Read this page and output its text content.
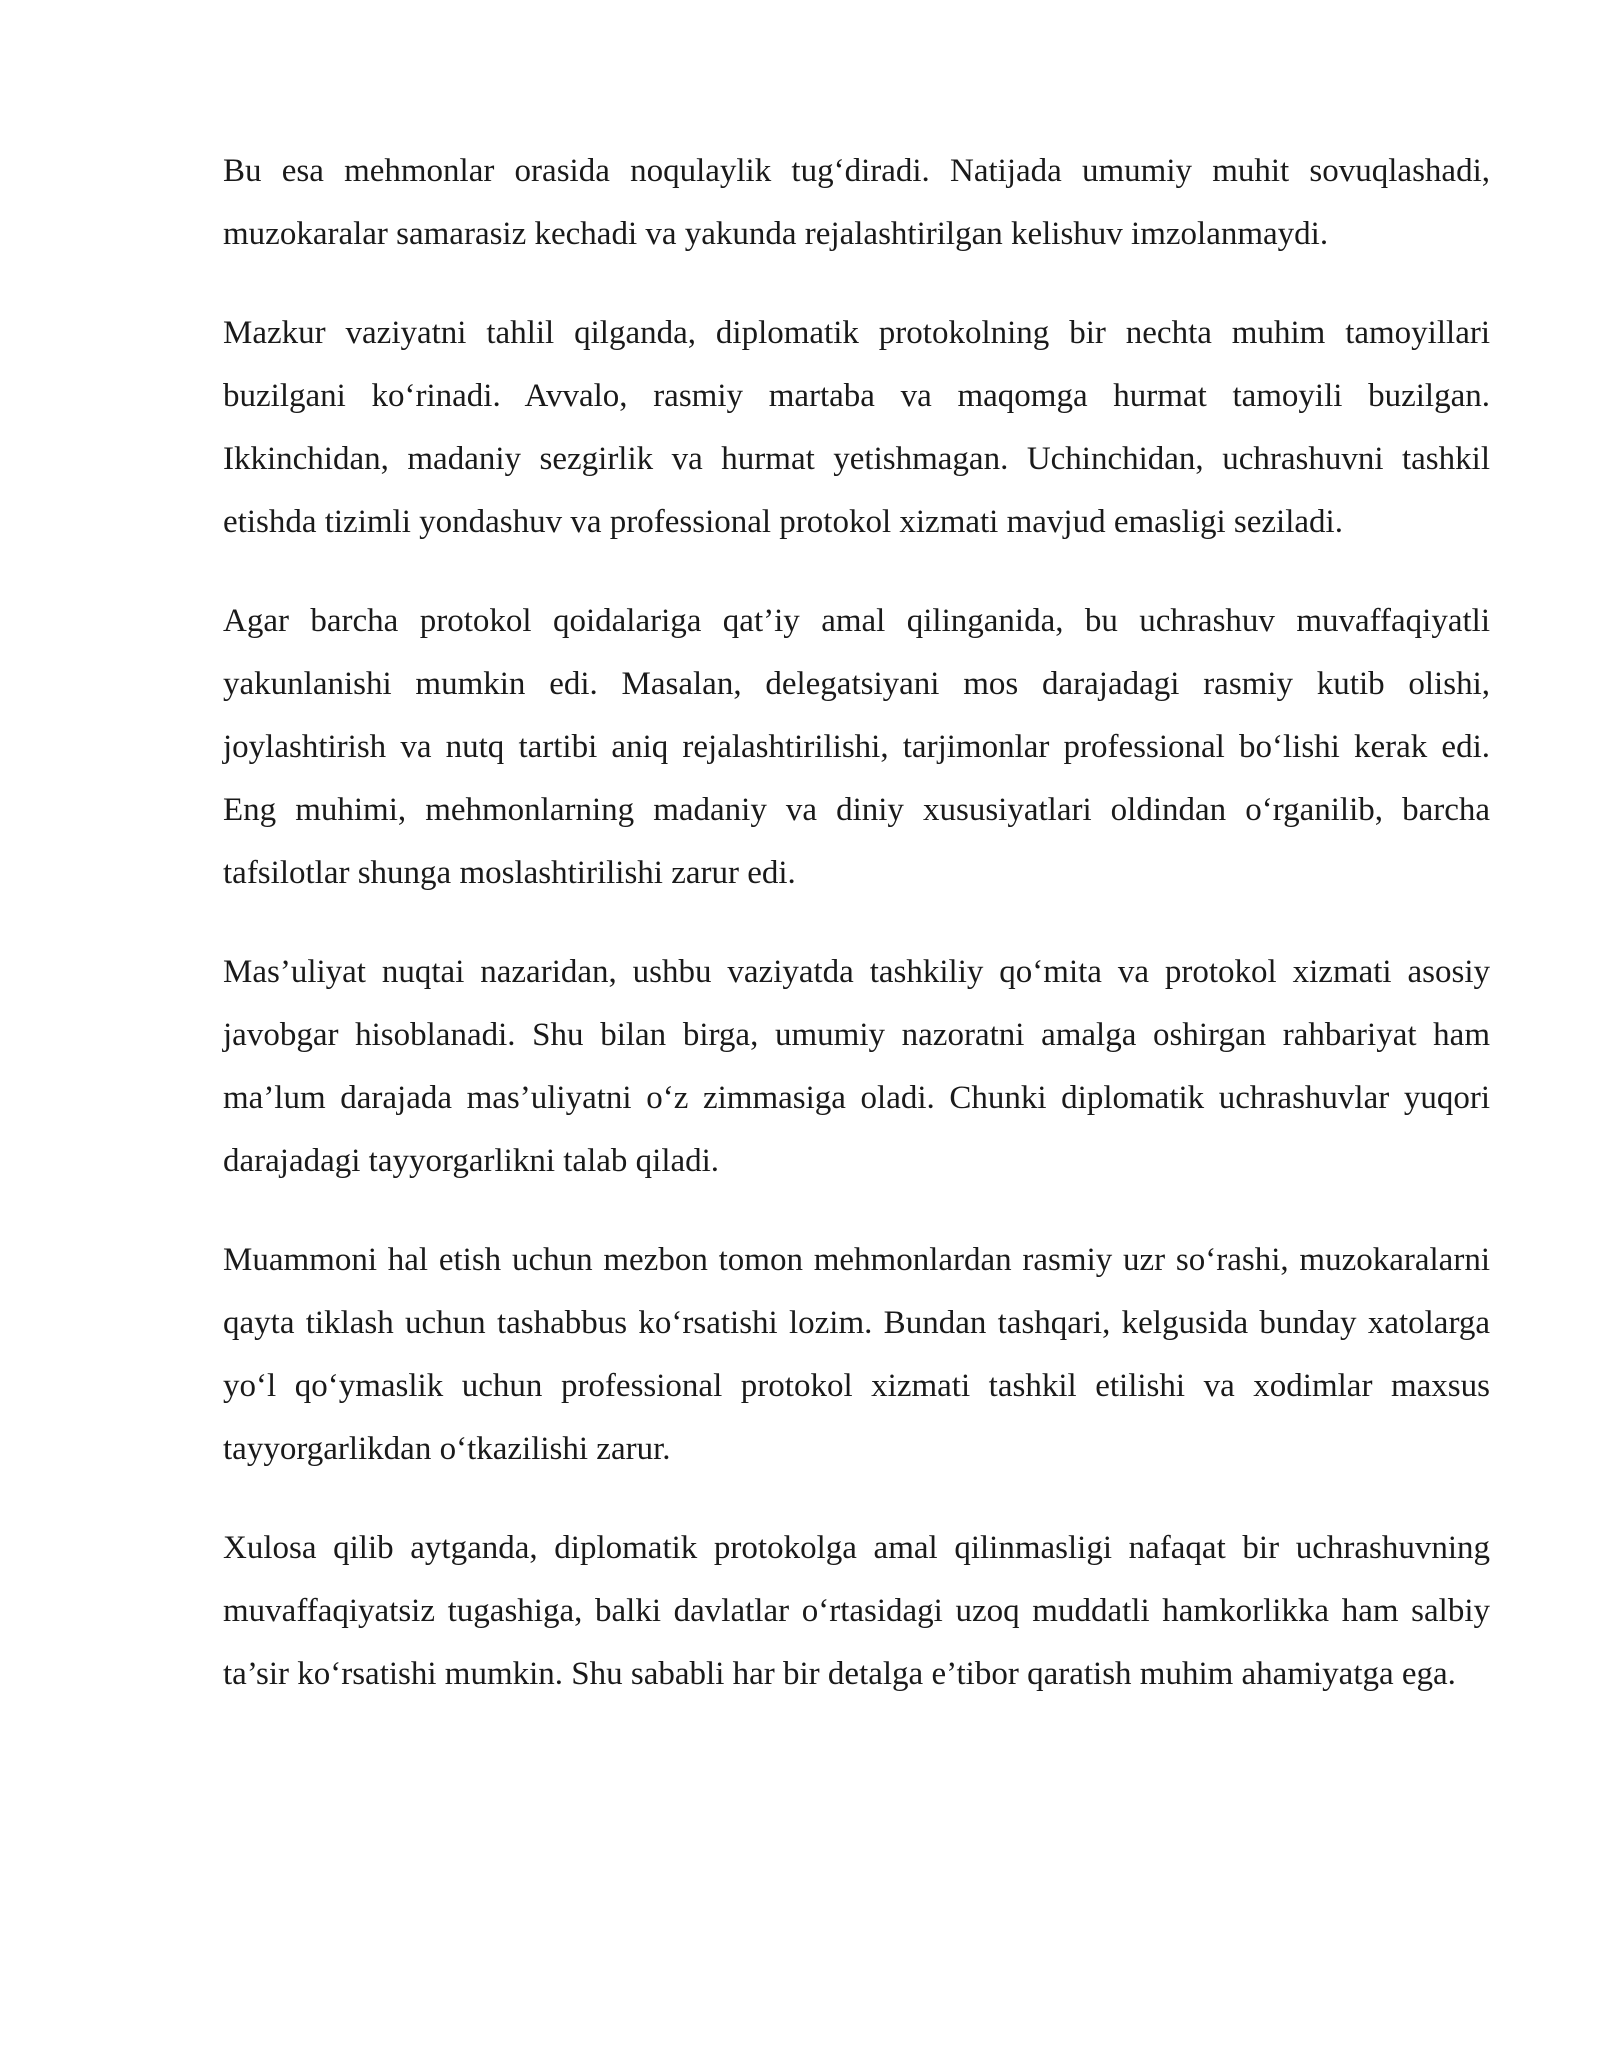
Bu esa mehmonlar orasida noqulaylik tug‘diradi. Natijada umumiy muhit sovuqlashadi, muzokaralar samarasiz kechadi va yakunda rejalashtirilgan kelishuv imzolanmaydi.

Mazkur vaziyatni tahlil qilganda, diplomatik protokolning bir nechta muhim tamoyillari buzilgani ko‘rinadi. Avvalo, rasmiy martaba va maqomga hurmat tamoyili buzilgan. Ikkinchidan, madaniy sezgirlik va hurmat yetishmagan. Uchinchidan, uchrashuvni tashkil etishda tizimli yondashuv va professional protokol xizmati mavjud emasligi seziladi.

Agar barcha protokol qoidalariga qat’iy amal qilinganida, bu uchrashuv muvaffaqiyatli yakunlanishi mumkin edi. Masalan, delegatsiyani mos darajadagi rasmiy kutib olishi, joylashtirish va nutq tartibi aniq rejalashtirilishi, tarjimonlar professional bo‘lishi kerak edi. Eng muhimi, mehmonlarning madaniy va diniy xususiyatlari oldindan o‘rganilib, barcha tafsilotlar shunga moslashtirilishi zarur edi.

Mas’uliyat nuqtai nazaridan, ushbu vaziyatda tashkiliy qo‘mita va protokol xizmati asosiy javobgar hisoblanadi. Shu bilan birga, umumiy nazoratni amalga oshirgan rahbariyat ham ma’lum darajada mas’uliyatni o‘z zimmasiga oladi. Chunki diplomatik uchrashuvlar yuqori darajadagi tayyorgarlikni talab qiladi.

Muammoni hal etish uchun mezbon tomon mehmonlardan rasmiy uzr so‘rashi, muzokaralarni qayta tiklash uchun tashabbus ko‘rsatishi lozim. Bundan tashqari, kelgusida bunday xatolarga yo‘l qo‘ymaslik uchun professional protokol xizmati tashkil etilishi va xodimlar maxsus tayyorgarlikdan o‘tkazilishi zarur.

Xulosa qilib aytganda, diplomatik protokolga amal qilinmasligi nafaqat bir uchrashuvning muvaffaqiyatsiz tugashiga, balki davlatlar o‘rtasidagi uzoq muddatli hamkorlikka ham salbiy ta’sir ko‘rsatishi mumkin. Shu sababli har bir detalga e’tibor qaratish muhim ahamiyatga ega.
